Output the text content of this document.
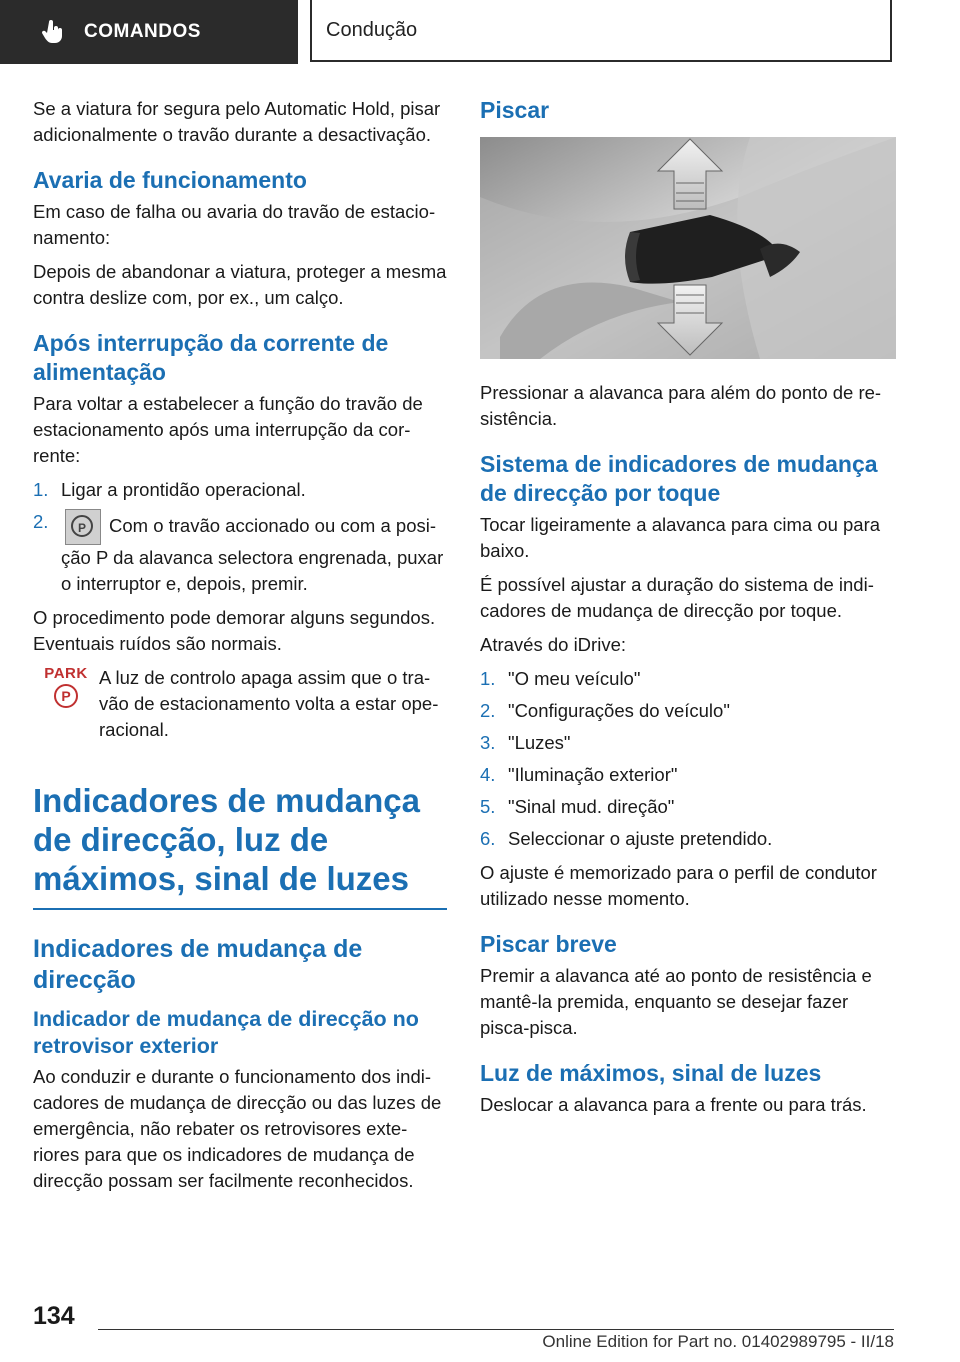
COMANDOS	Condução

Se a viatura for segura pelo Automatic Hold, pisar adicionalmente o travão durante a desactivação.

Avaria de funcionamento

Em caso de falha ou avaria do travão de estacionamento:

Depois de abandonar a viatura, proteger a mesma contra deslize com, por ex., um calço.

Após interrupção da corrente de alimentação

Para voltar a estabelecer a função do travão de estacionamento após uma interrupção da corrente:

1. Ligar a prontidão operacional.
2.	P	Com o travão accionado ou com a posição P da alavanca selectora engrenada, puxar o interruptor e, depois, premir.

O procedimento pode demorar alguns segundos. Eventuais ruídos são normais.

PARK
P

A luz de controlo apaga assim que o travão de estacionamento volta a estar operacional.

Indicadores de mudança de direcção, luz de máximos, sinal de luzes
Indicadores de mudança de direcção
Indicador de mudança de direcção no retrovisor exterior

Ao conduzir e durante o funcionamento dos indicadores de mudança de direcção ou das luzes de emergência, não rebater os retrovisores exteriores para que os indicadores de mudança de direcção possam ser facilmente reconhecidos.

Piscar

Pressionar a alavanca para além do ponto de resistência.

Sistema de indicadores de mudança de direcção por toque

Tocar ligeiramente a alavanca para cima ou para baixo.

É possível ajustar a duração do sistema de indicadores de mudança de direcção por toque.

Através do iDrive:

1. "O meu veículo"
2. "Configurações do veículo"
3. "Luzes"
4. "Iluminação exterior"
5. "Sinal mud. direção"
6. Seleccionar o ajuste pretendido.

O ajuste é memorizado para o perfil de condutor utilizado nesse momento.

Piscar breve

Premir a alavanca até ao ponto de resistência e mantê-la premida, enquanto se desejar fazer pisca-pisca.

Luz de máximos, sinal de luzes

Deslocar a alavanca para a frente ou para trás.

134
Online Edition for Part no. 01402989795 - II/18
